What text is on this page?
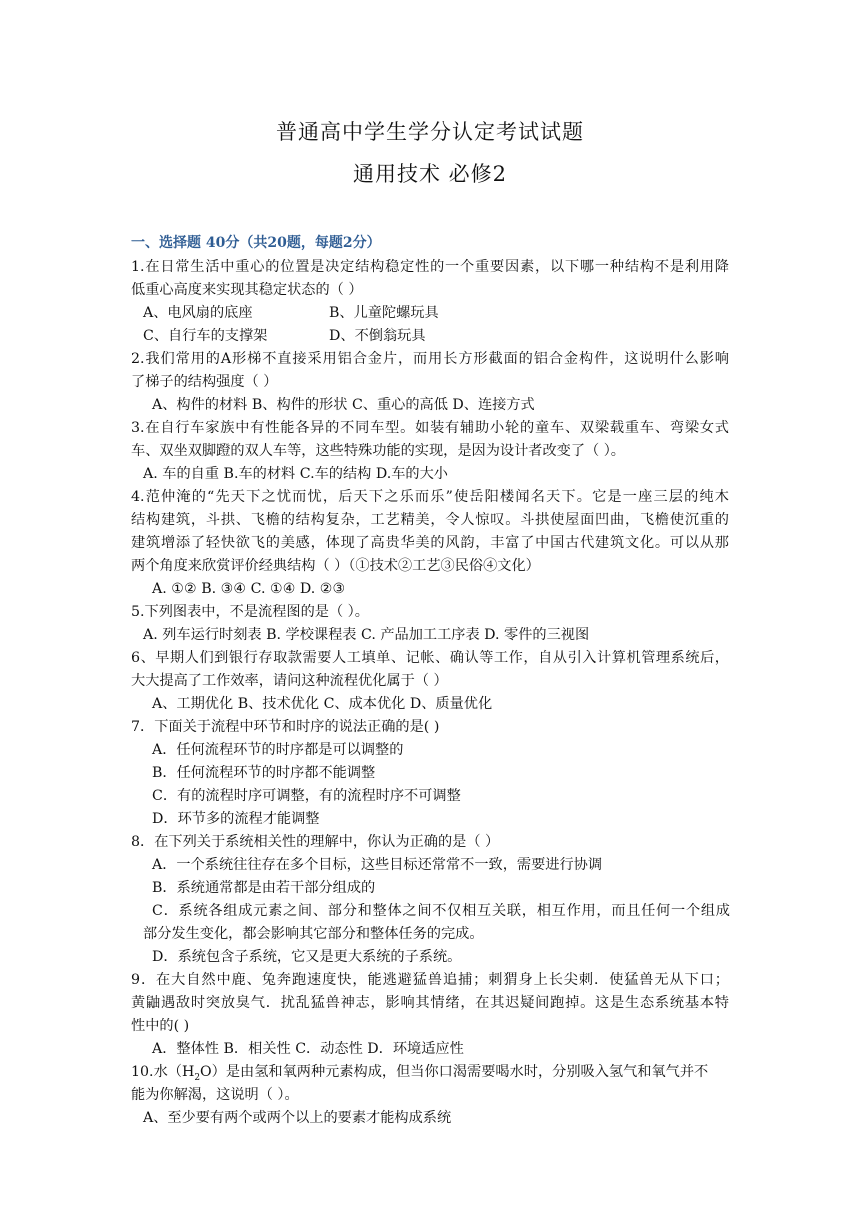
普通高中学生学分认定考试试题
通用技术 必修2
一、选择题 40分（共20题，每题2分）
1.在日常生活中重心的位置是决定结构稳定性的一个重要因素，以下哪一种结构不是利用降
低重心高度来实现其稳定状态的（ ）
A、电风扇的底座	B、儿童陀螺玩具
C、自行车的支撑架	D、不倒翁玩具
2.我们常用的A形梯不直接采用铝合金片，而用长方形截面的铝合金构件，这说明什么影响
了梯子的结构强度（ ）
A、构件的材料 B、构件的形状 C、重心的高低 D、连接方式
3.在自行车家族中有性能各异的不同车型。如装有辅助小轮的童车、双梁载重车、弯梁女式
车、双坐双脚蹬的双人车等，这些特殊功能的实现，是因为设计者改变了（ ）。
A. 车的自重 B.车的材料 C.车的结构 D.车的大小
4.范仲淹的“先天下之忧而忧，后天下之乐而乐”使岳阳楼闻名天下。它是一座三层的纯木
结构建筑，斗拱、飞檐的结构复杂，工艺精美，令人惊叹。斗拱使屋面凹曲，飞檐使沉重的
建筑增添了轻快欲飞的美感，体现了高贵华美的风韵，丰富了中国古代建筑文化。可以从那
两个角度来欣赏评价经典结构（ ）（①技术②工艺③民俗④文化）
A. ①② B. ③④ C. ①④ D. ②③
5.下列图表中，不是流程图的是（ ）。
A. 列车运行时刻表 B. 学校课程表 C. 产品加工工序表 D. 零件的三视图
6、早期人们到银行存取款需要人工填单、记帐、确认等工作，自从引入计算机管理系统后，
大大提高了工作效率，请问这种流程优化属于（ ）
A、工期优化 B、技术优化 C、成本优化 D、质量优化
7．下面关于流程中环节和时序的说法正确的是( )
A．任何流程环节的时序都是可以调整的
B．任何流程环节的时序都不能调整
C．有的流程时序可调整，有的流程时序不可调整
D．环节多的流程才能调整
8．在下列关于系统相关性的理解中，你认为正确的是（ ）
A．一个系统往往存在多个目标，这些目标还常常不一致，需要进行协调
B．系统通常都是由若干部分组成的
C．系统各组成元素之间、部分和整体之间不仅相互关联，相互作用，而且任何一个组成
部分发生变化，都会影响其它部分和整体任务的完成。
D．系统包含子系统，它又是更大系统的子系统。
9．在大自然中鹿、兔奔跑速度快，能逃避猛兽追捕；刺猬身上长尖刺．使猛兽无从下口；
黄鼬遇敌时突放臭气．扰乱猛兽神志，影响其情绪，在其迟疑间跑掉。这是生态系统基本特
性中的( )
A．整体性 B．相关性 C．动态性 D．环境适应性
10.水$(H_2O)$是由氢和氧两种元素构成，但当你口渴需要喝水时，分别吸入氢气和氧气并不
能为你解渴，这说明（ ）。
A、至少要有两个或两个以上的要素才能构成系统
